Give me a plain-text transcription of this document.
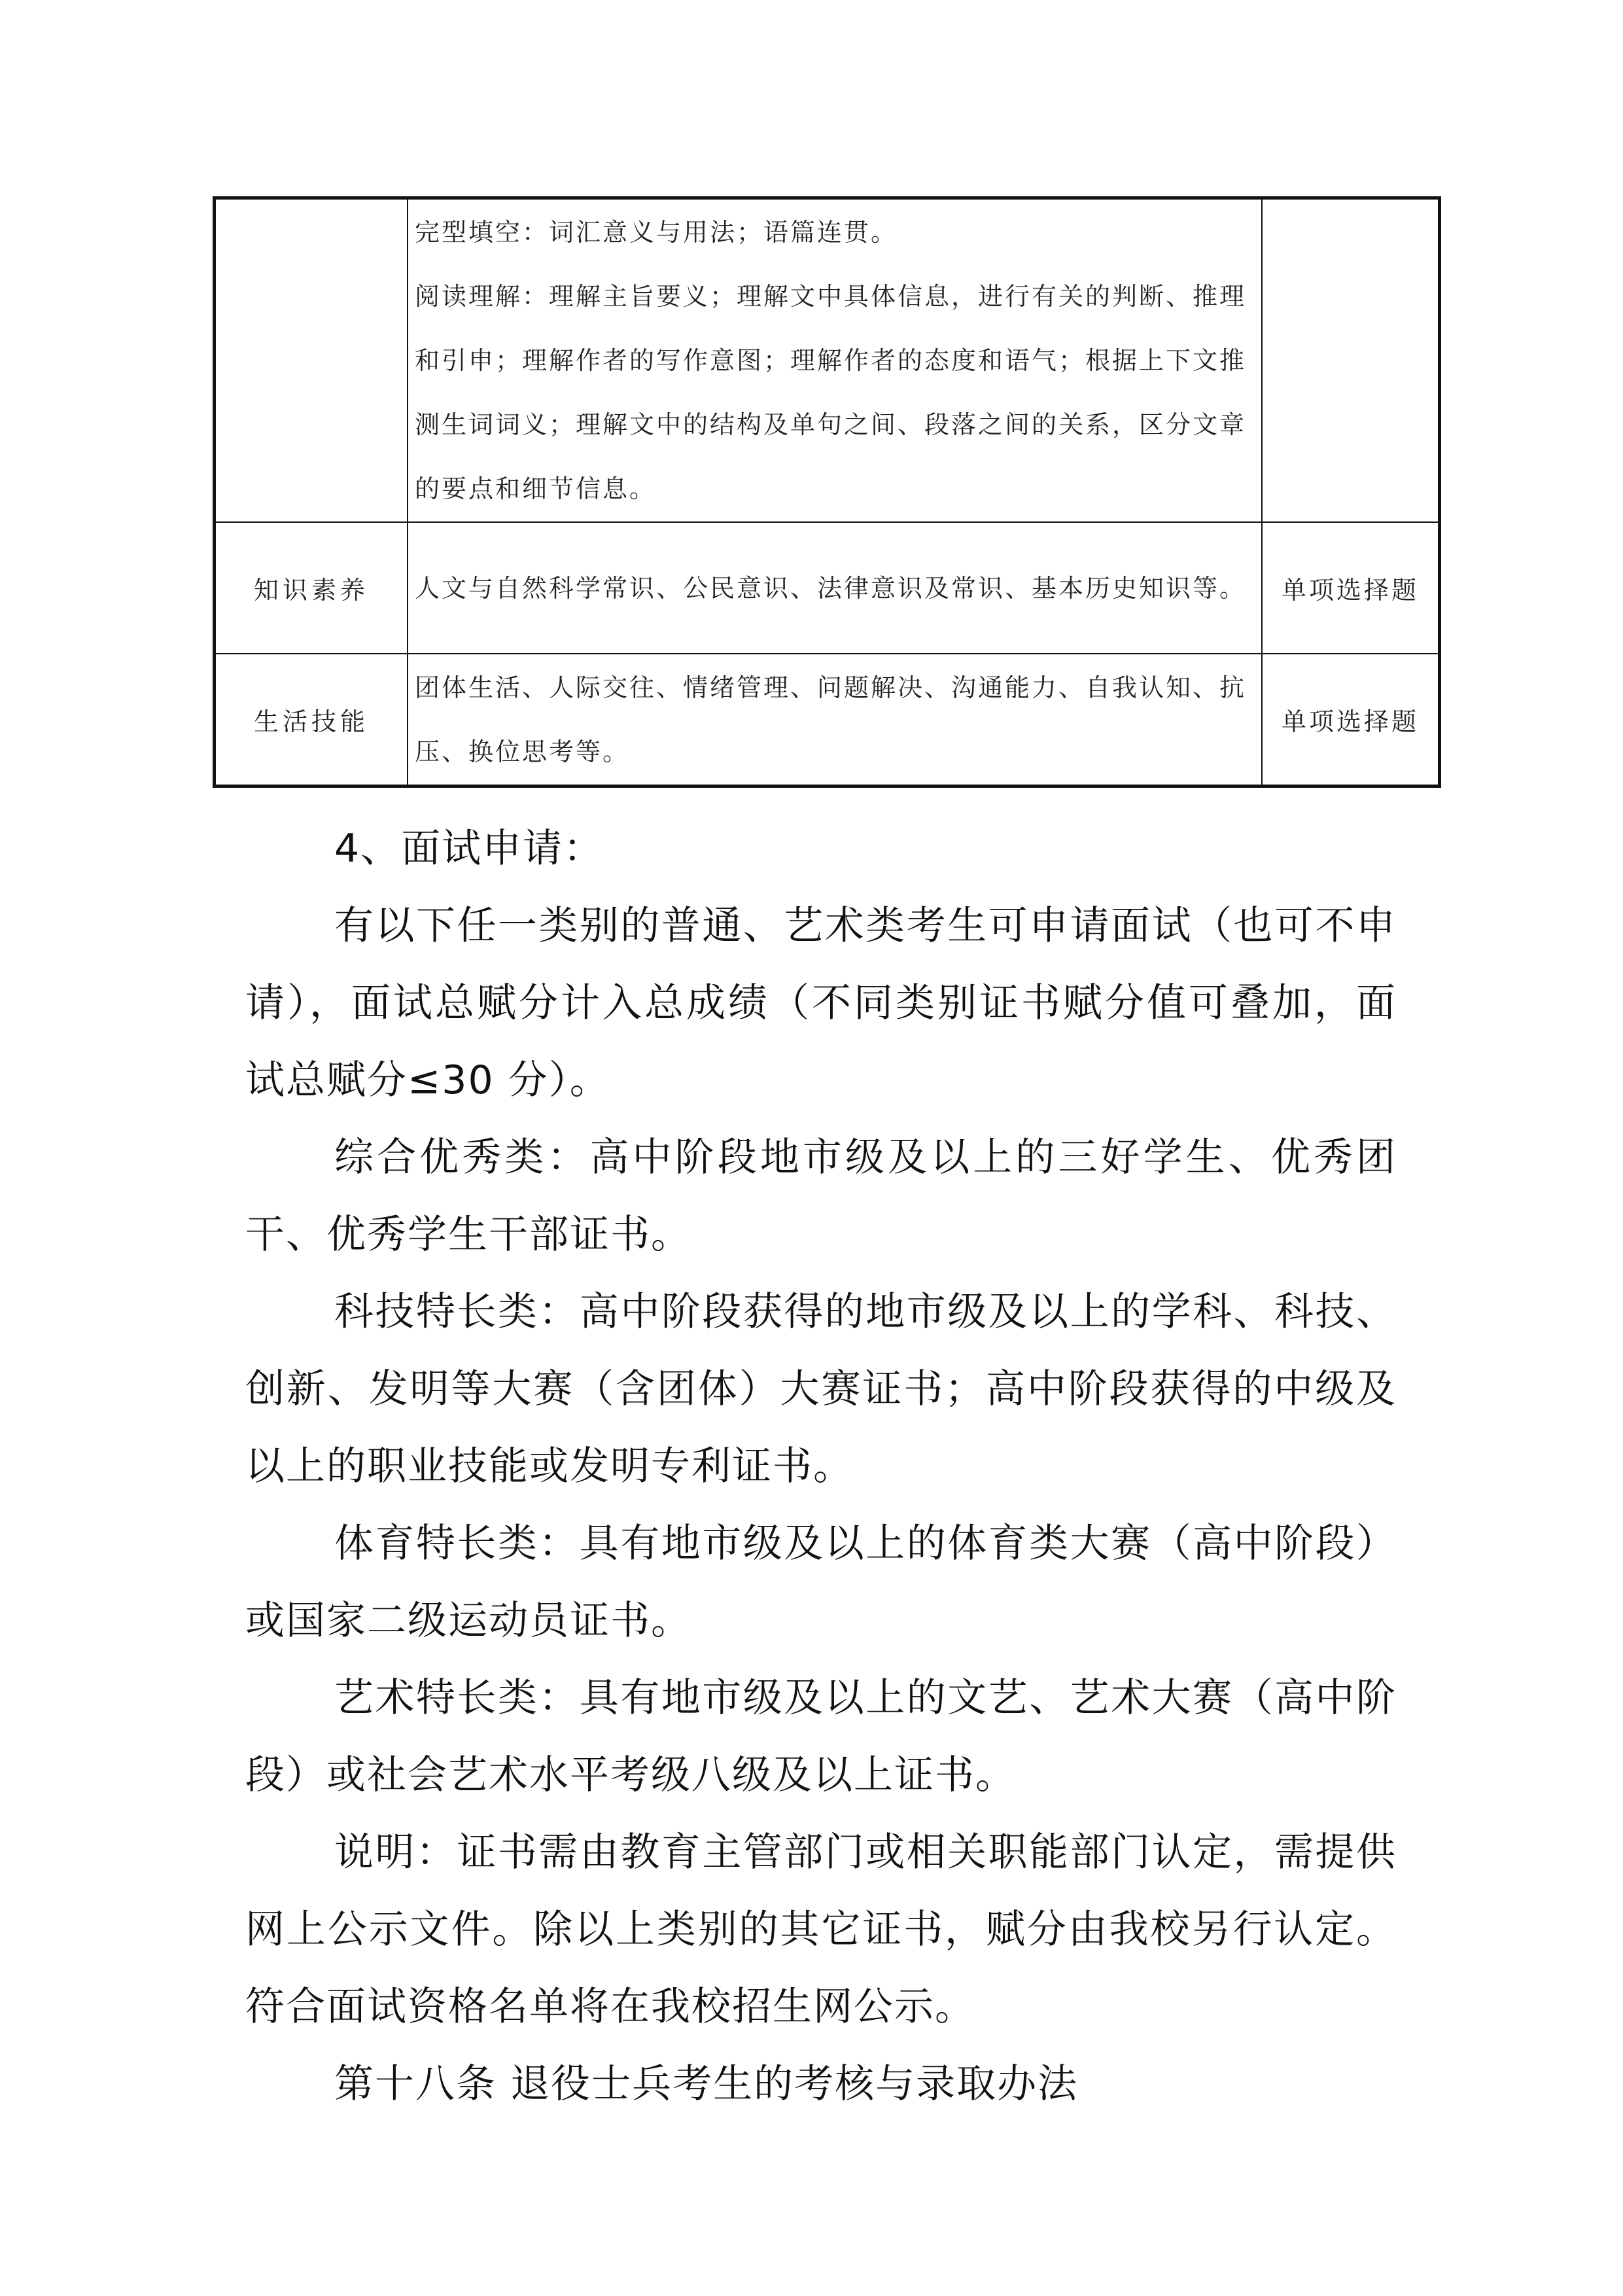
	完型填空：词汇意义与用法；语篇连贯。
阅读理解：理解主旨要义；理解文中具体信息，进行有关的判断、推理和引申；理解作者的写作意图；理解作者的态度和语气；根据上下文推测生词词义；理解文中的结构及单句之间、段落之间的关系，区分文章的要点和细节信息。	

知识素养	人文与自然科学常识、公民意识、法律意识及常识、基本历史知识等。	单项选择题
生活技能	团体生活、人际交往、情绪管理、问题解决、沟通能力、自我认知、抗压、换位思考等。	单项选择题

4、面试申请：

有以下任一类别的普通、艺术类考生可申请面试（也可不申请），面试总赋分计入总成绩（不同类别证书赋分值可叠加，面试总赋分≤30 分）。

综合优秀类：高中阶段地市级及以上的三好学生、优秀团干、优秀学生干部证书。

科技特长类：高中阶段获得的地市级及以上的学科、科技、创新、发明等大赛（含团体）大赛证书；高中阶段获得的中级及以上的职业技能或发明专利证书。

体育特长类：具有地市级及以上的体育类大赛（高中阶段）或国家二级运动员证书。

艺术特长类：具有地市级及以上的文艺、艺术大赛（高中阶段）或社会艺术水平考级八级及以上证书。

说明：证书需由教育主管部门或相关职能部门认定，需提供网上公示文件。除以上类别的其它证书，赋分由我校另行认定。符合面试资格名单将在我校招生网公示。

第十八条 退役士兵考生的考核与录取办法
